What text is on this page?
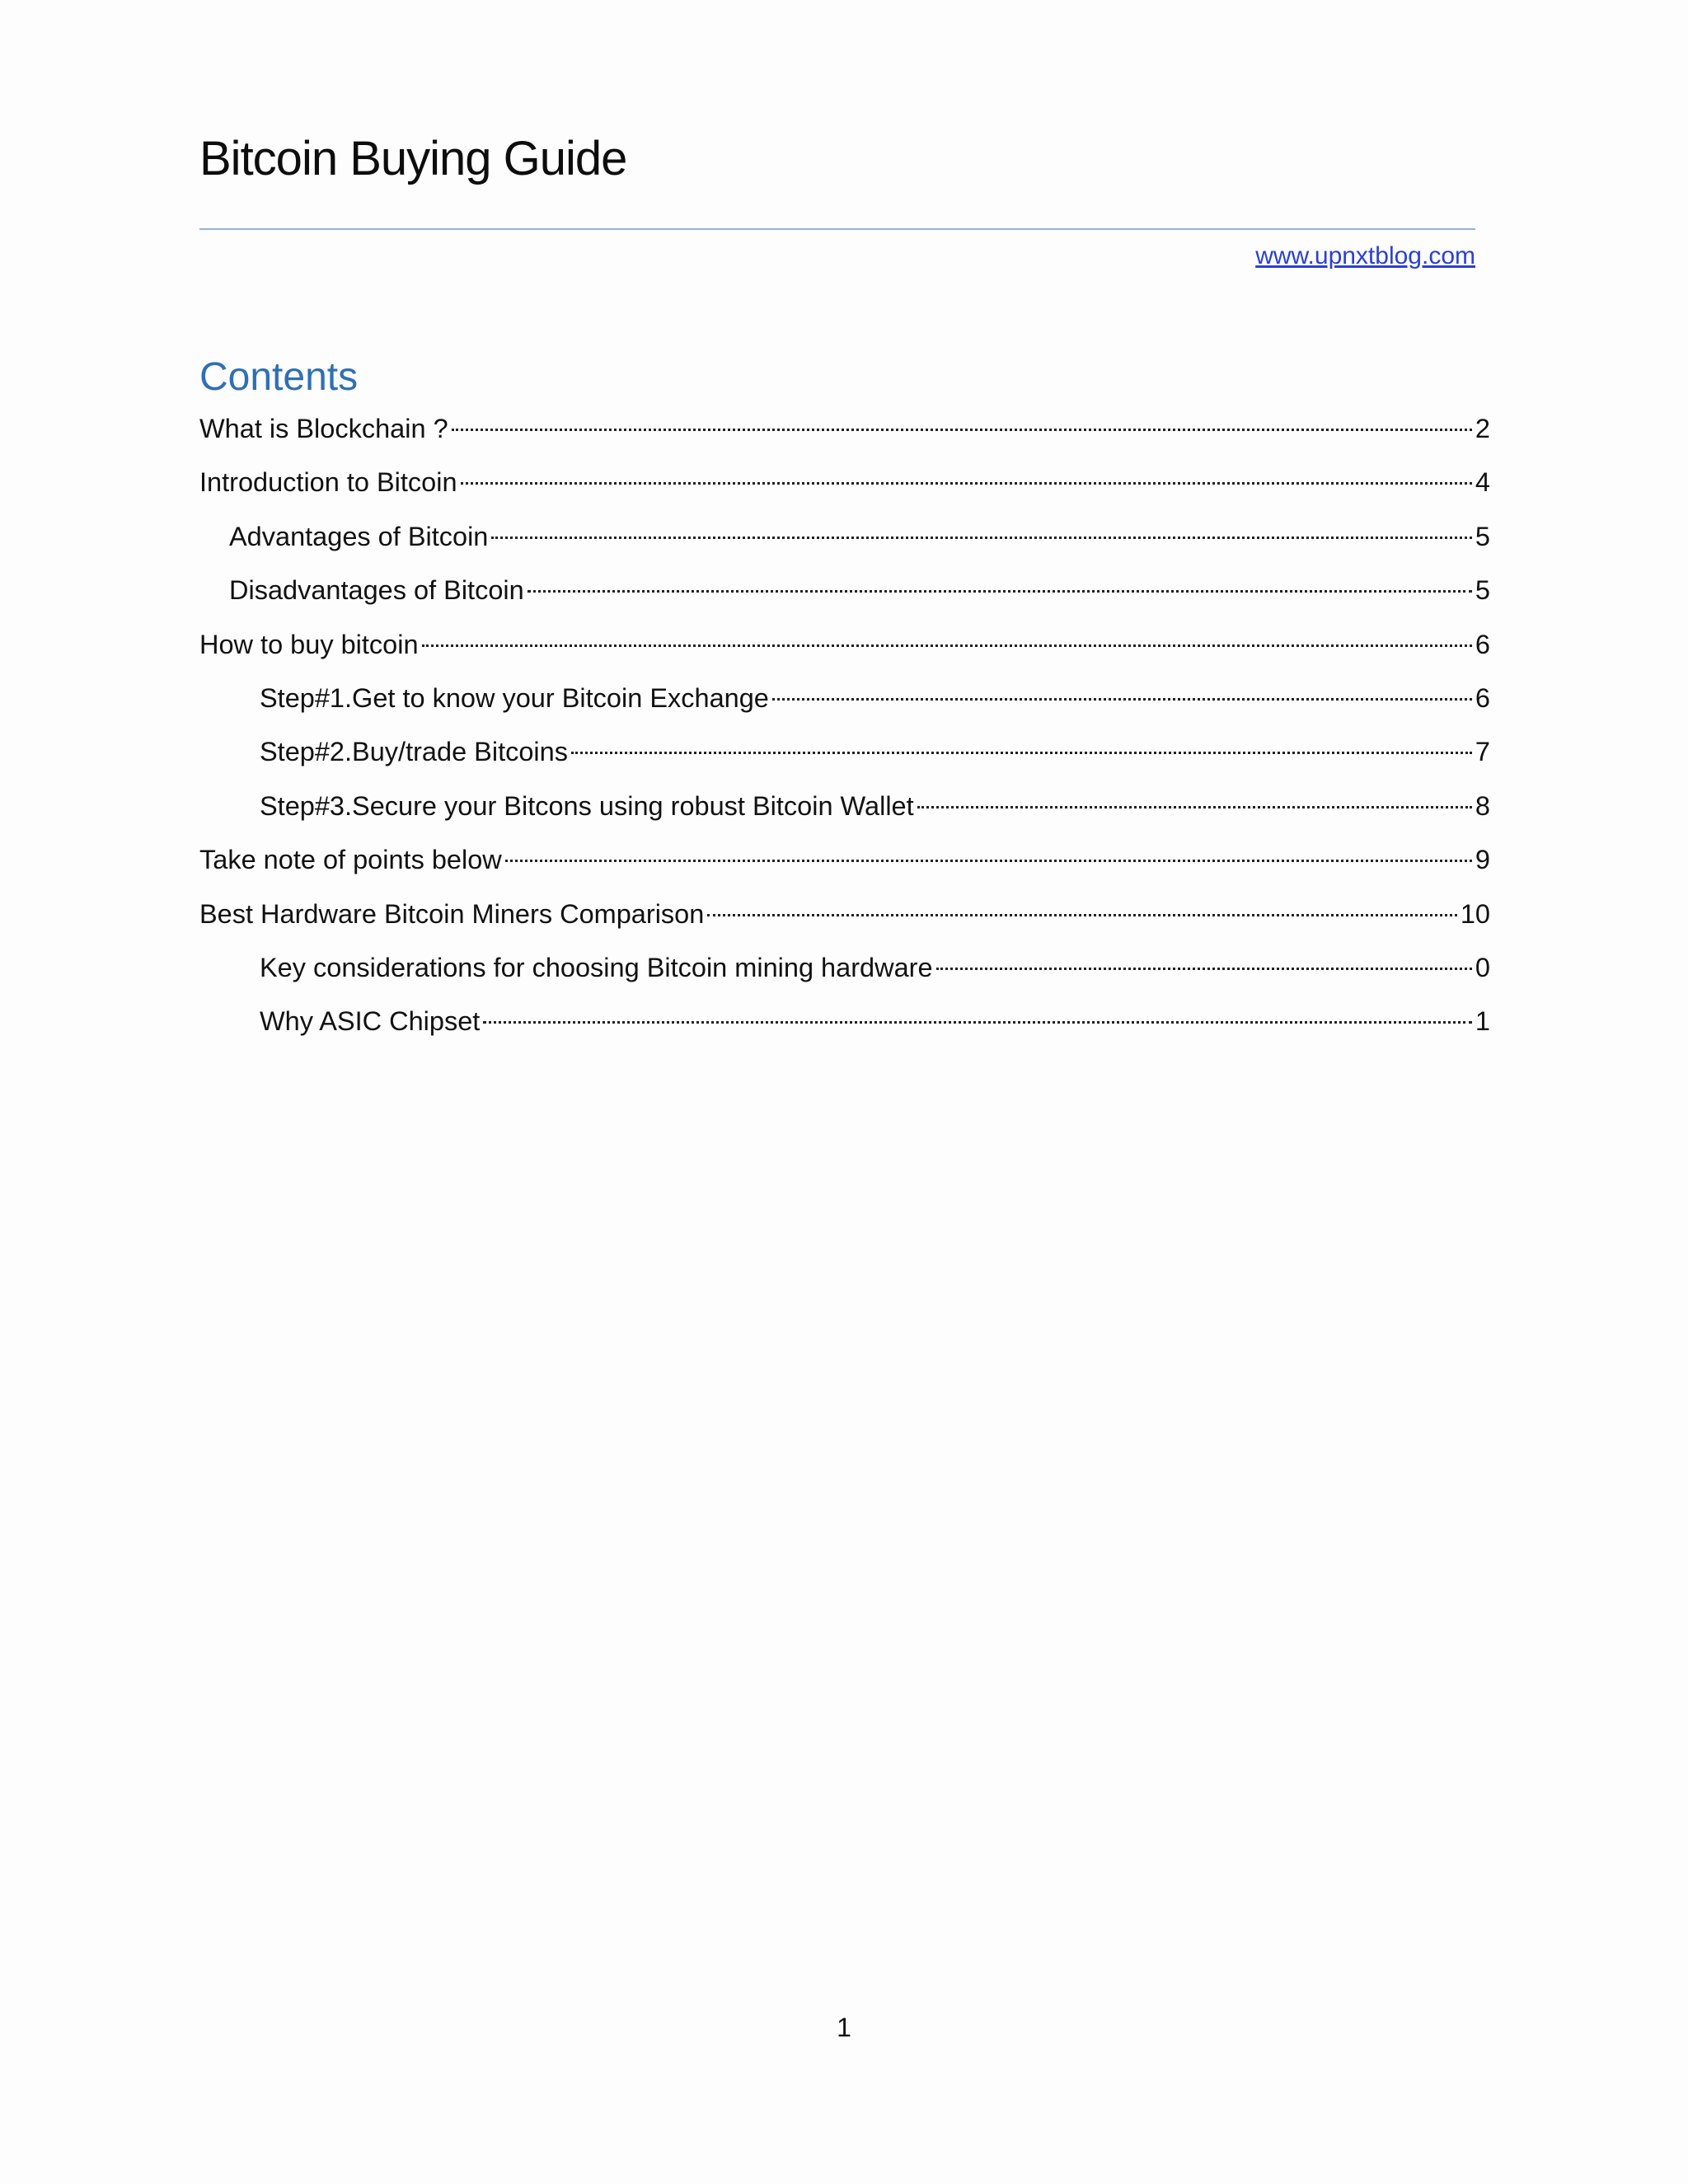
Bitcoin Buying Guide
www.upnxtblog.com
Contents
What is Blockchain ?	2
Introduction to Bitcoin	4
Advantages of Bitcoin	5
Disadvantages of Bitcoin	5
How to buy bitcoin	6
Step#1.Get to know your Bitcoin Exchange	6
Step#2.Buy/trade Bitcoins	7
Step#3.Secure your Bitcons using robust Bitcoin Wallet	8
Take note of points below	9
Best Hardware Bitcoin Miners Comparison	10
Key considerations for choosing Bitcoin mining hardware	0
Why ASIC Chipset	1
1
